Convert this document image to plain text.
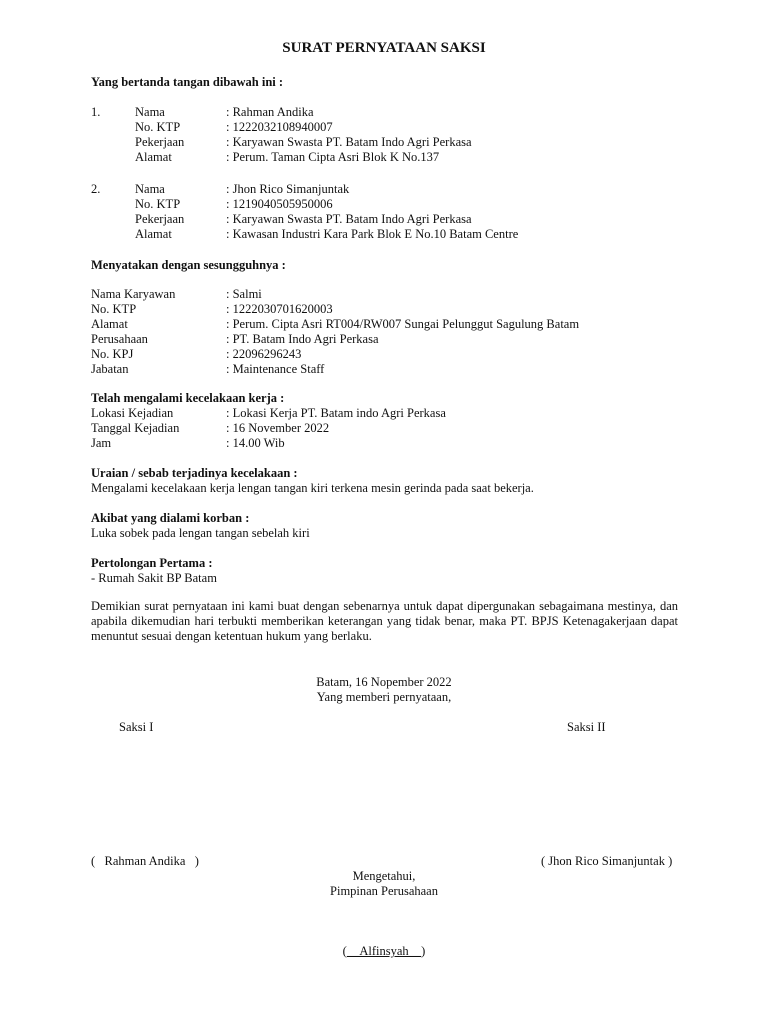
SURAT PERNYATAAN SAKSI
Yang bertanda tangan dibawah ini :
1.	Nama	: Rahman Andika
No. KTP	: 1222032108940007
Pekerjaan	: Karyawan Swasta PT. Batam Indo Agri Perkasa
Alamat	: Perum. Taman Cipta Asri Blok K No.137
2.	Nama	: Jhon Rico Simanjuntak
No. KTP	: 1219040505950006
Pekerjaan	: Karyawan Swasta PT. Batam Indo Agri Perkasa
Alamat	: Kawasan Industri Kara Park Blok E No.10 Batam Centre
Menyatakan dengan sesungguhnya :
Nama Karyawan	: Salmi
No. KTP	: 1222030701620003
Alamat	: Perum. Cipta Asri RT004/RW007 Sungai Pelunggut Sagulung Batam
Perusahaan	: PT. Batam Indo Agri Perkasa
No. KPJ	: 22096296243
Jabatan	: Maintenance Staff
Telah mengalami kecelakaan kerja :
Lokasi Kejadian	: Lokasi Kerja PT. Batam indo Agri Perkasa
Tanggal Kejadian	: 16 November 2022
Jam	: 14.00 Wib
Uraian / sebab terjadinya kecelakaan :
Mengalami kecelakaan kerja lengan tangan kiri terkena mesin gerinda pada saat bekerja.
Akibat yang dialami korban :
Luka sobek pada lengan tangan sebelah kiri
Pertolongan Pertama :
- Rumah Sakit BP Batam
Demikian surat pernyataan ini kami buat dengan sebenarnya untuk dapat dipergunakan sebagaimana mestinya, dan apabila dikemudian hari terbukti memberikan keterangan yang tidak benar, maka PT. BPJS Ketenagakerjaan dapat menuntut sesuai dengan ketentuan hukum yang berlaku.
Batam, 16 Nopember 2022
Yang memberi pernyataan,
Saksi I	Saksi II
(   Rahman Andika   )	( Jhon Rico Simanjuntak )
Mengetahui,
Pimpinan Perusahaan
(__Alfinsyah__)
